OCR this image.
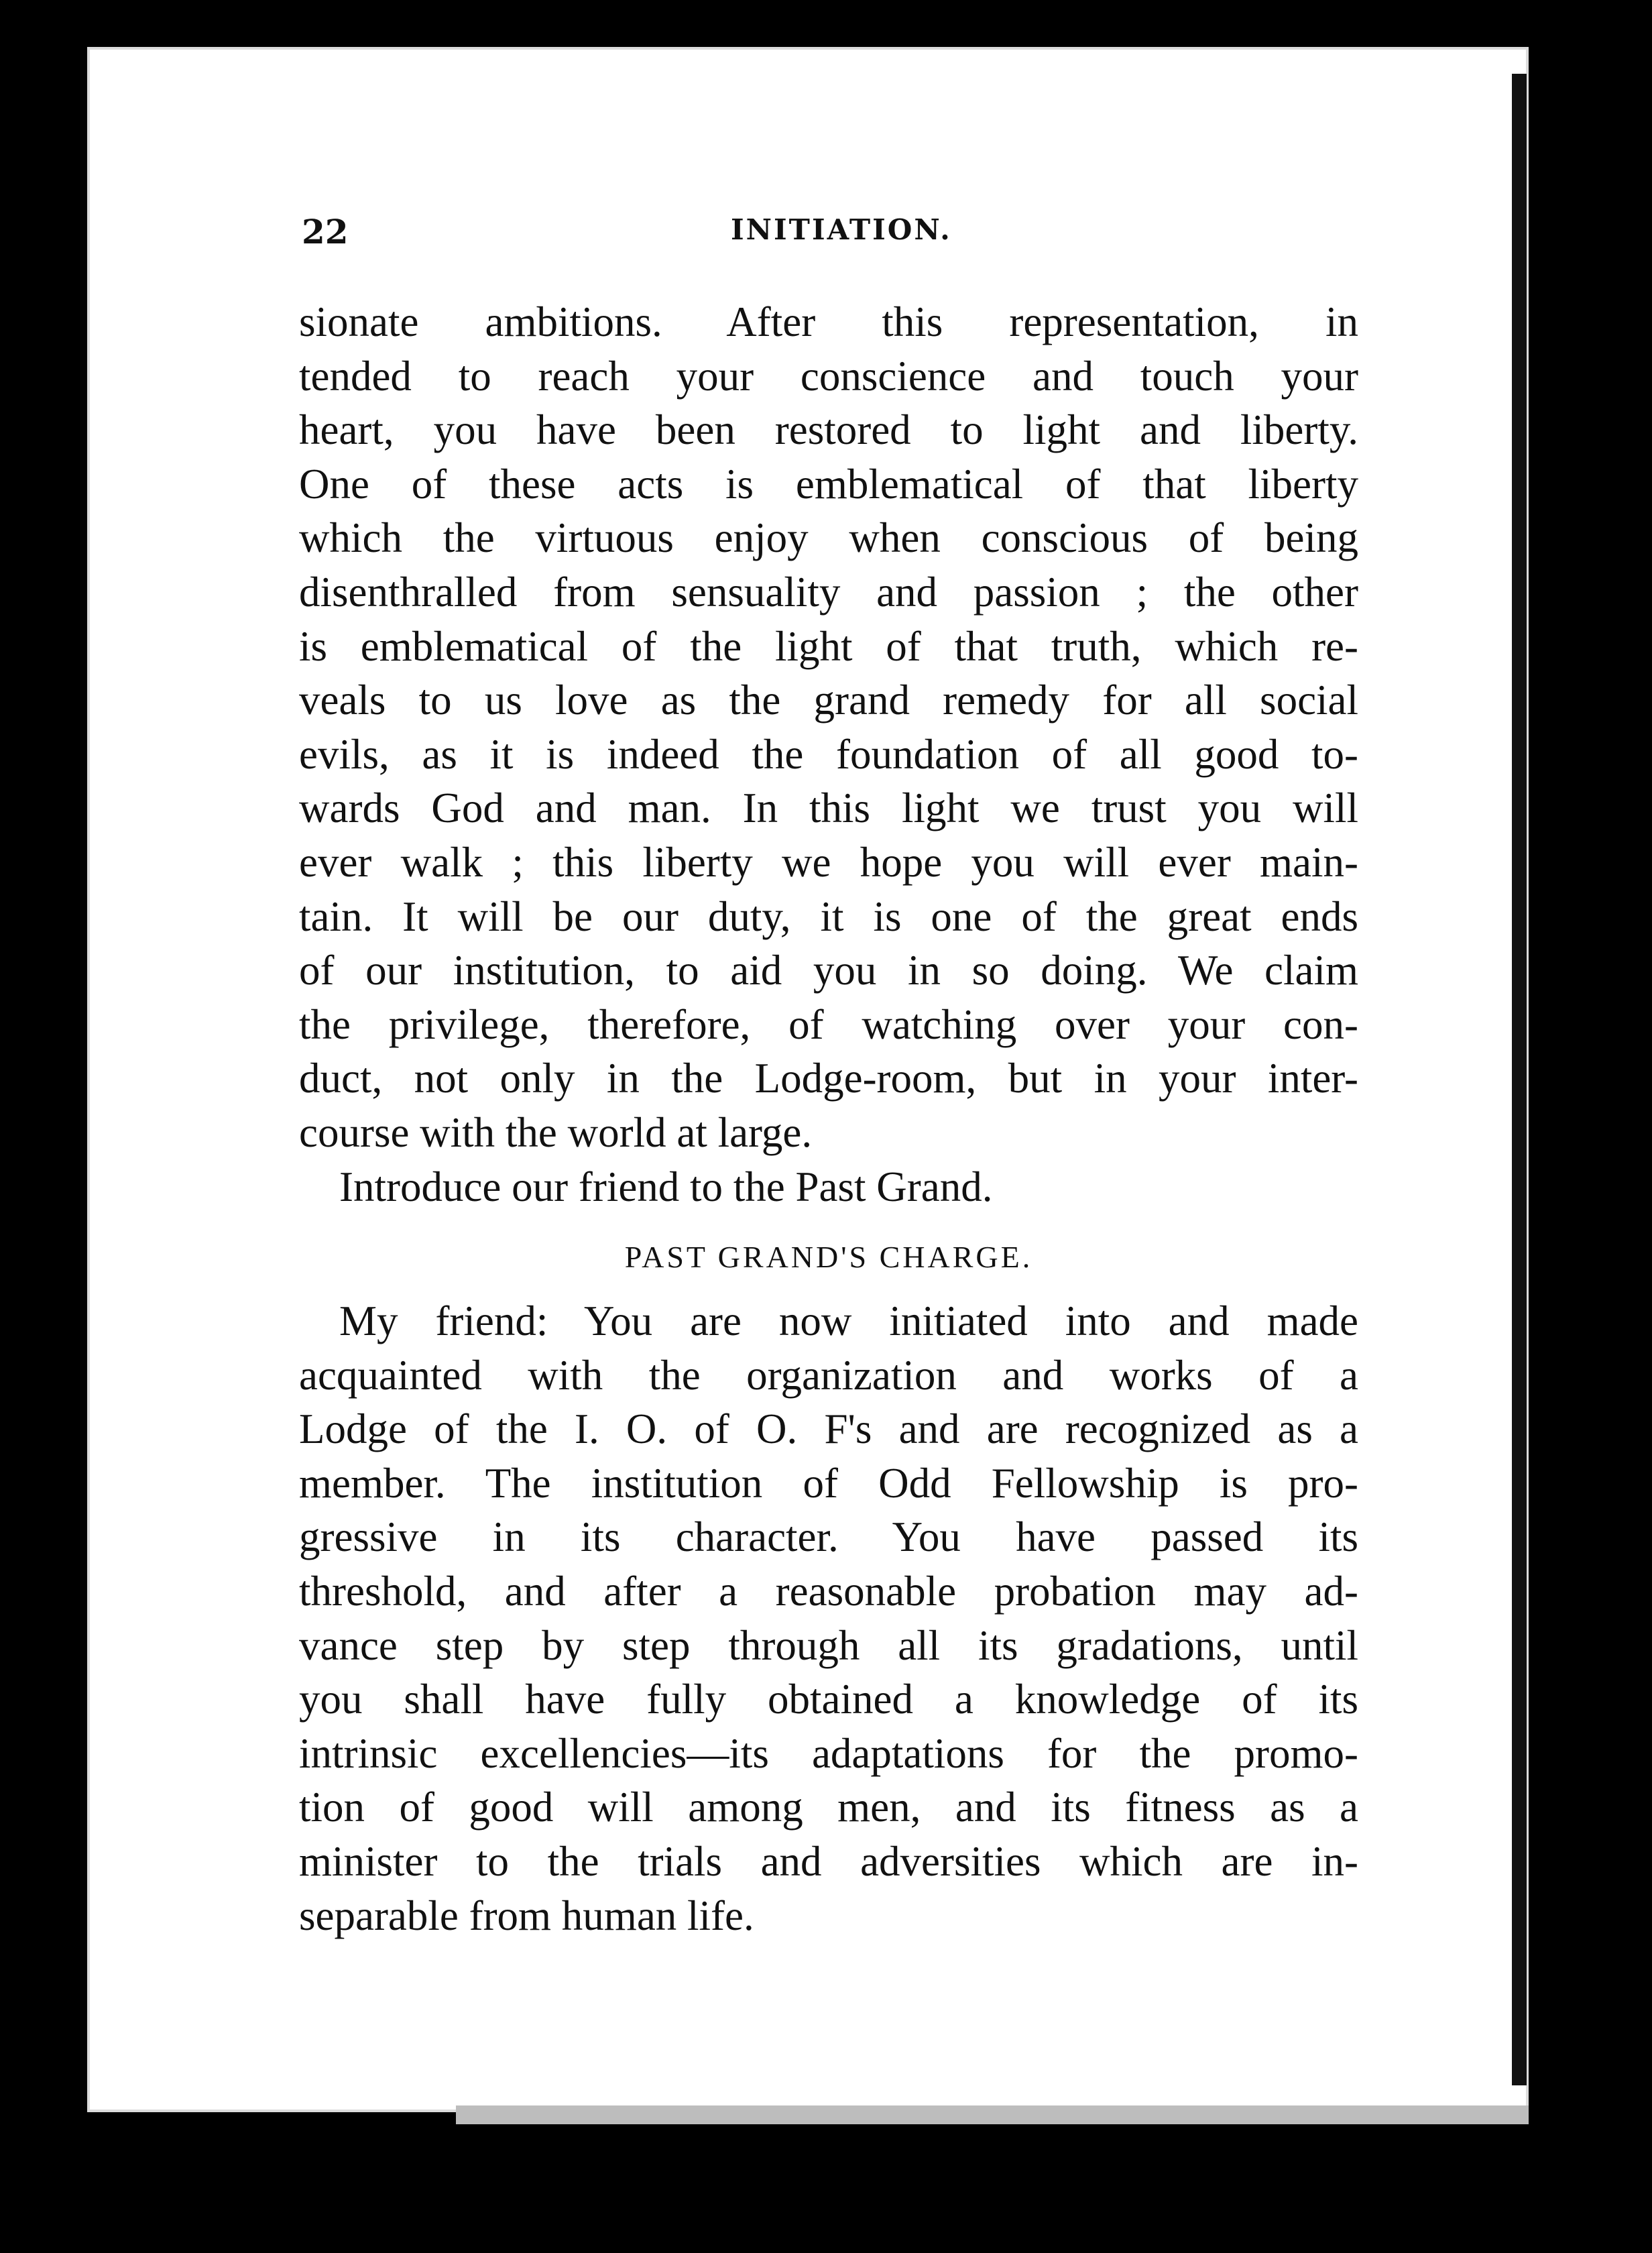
22	INITIATION.
sionate ambitions. After this representation, in
tended to reach your conscience and touch your
heart, you have been restored to light and liberty.
One of these acts is emblematical of that liberty
which the virtuous enjoy when conscious of being
disenthralled from sensuality and passion ; the other
is emblematical of the light of that truth, which re-
veals to us love as the grand remedy for all social
evils, as it is indeed the foundation of all good to-
wards God and man. In this light we trust you will
ever walk ; this liberty we hope you will ever main-
tain. It will be our duty, it is one of the great ends
of our institution, to aid you in so doing. We claim
the privilege, therefore, of watching over your con-
duct, not only in the Lodge-room, but in your inter-
course with the world at large.
Introduce our friend to the Past Grand.
PAST GRAND'S CHARGE.
My friend: You are now initiated into and made
acquainted with the organization and works of a
Lodge of the I. O. of O. F's and are recognized as a
member. The institution of Odd Fellowship is pro-
gressive in its character. You have passed its
threshold, and after a reasonable probation may ad-
vance step by step through all its gradations, until
you shall have fully obtained a knowledge of its
intrinsic excellencies—its adaptations for the promo-
tion of good will among men, and its fitness as a
minister to the trials and adversities which are in-
separable from human life.
